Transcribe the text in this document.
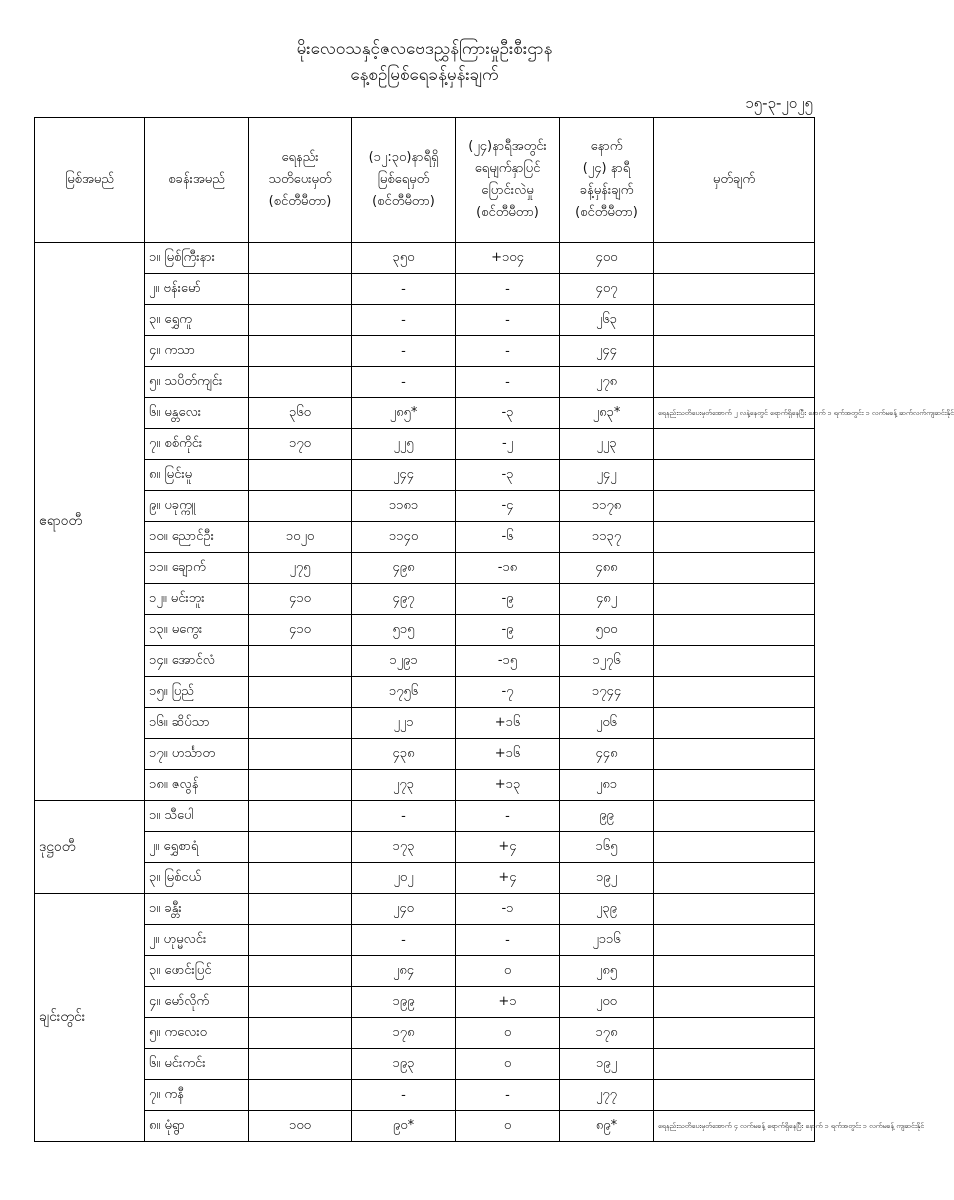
မိုးလေဝသနှင့်ဇလဗေဒညွှန်ကြားမှုဦးစီးဌာန
နေ့စဉ်မြစ်ရေခန့်မှန်းချက်
၁၅-၃-၂၀၂၅
မြစ်အမည်	စခန်းအမည်	ရေနည်း
သတိပေးမှတ်
(စင်တီမီတာ)	(၁၂:၃၀)နာရီရှိ
မြစ်ရေမှတ်
(စင်တီမီတာ)	(၂၄)နာရီအတွင်း
ရေမျက်နှာပြင်
ပြောင်းလဲမှု
(စင်တီမီတာ)	နောက်
(၂၄) နာရီ
ခန့်မှန်းချက်
(စင်တီမီတာ)	မှတ်ချက်
ဧရာဝတီ	၁။ မြစ်ကြီးနား		၃၅၀	+၁၀၄	၄၀၀	
	၂။ ဗန်းမော်		-	-	၄၀၇	
	၃။ ရွှေကူ		-	-	၂၆၃	
	၄။ ကသာ		-	-	၂၄၄	
	၅။ သပိတ်ကျင်း		-	-	၂၇၈	
	၆။ မန္တလေး	၃၆၀	၂၈၅*	-၃	၂၈၃*	ရေနည်းသတိပေးမှတ်အောက် ၂ လနဲ့နေတွင် ရောက်ရှိနေပြီး နောက် ၁ ရက်အတွင်း ၁ လက်မခန့် ဆက်လက်ကျဆင်းနိုင်
	၇။ စစ်ကိုင်း	၁၇၀	၂၂၅	-၂	၂၂၃	
	၈။ မြင်းမူ		၂၄၄	-၃	၂၄၂	
	၉။ ပခုက္ကူ		၁၁၈၁	-၄	၁၁၇၈	
	၁၀။ ညောင်ဦး	၁၀၂၀	၁၁၄၀	-၆	၁၁၃၇	
	၁၁။ ချောက်	၂၇၅	၄၉၈	-၁၈	၄၈၈	
	၁၂။ မင်းဘူး	၄၁၀	၄၉၇	-၉	၄၈၂	
	၁၃။ မကွေး	၄၁၀	၅၁၅	-၉	၅၀၀	
	၁၄။ အောင်လံ		၁၂၉၁	-၁၅	၁၂၇၆	
	၁၅။ ပြည်		၁၇၅၆	-၇	၁၇၄၄	
	၁၆။ ဆိပ်သာ		၂၂၁	+၁၆	၂၀၆	
	၁၇။ ဟင်္သာတ		၄၃၈	+၁၆	၄၄၈	
	၁၈။ ဇလွန်		၂၇၃	+၁၃	၂၈၁	
ဒုဋ္ဌဝတီ	၁။ သီပေါ		-	-	၉၉	
	၂။ ရွှေစာရံ		၁၇၃	+၄	၁၆၅	
	၃။ မြစ်ငယ်		၂၀၂	+၄	၁၉၂	
ချင်းတွင်း	၁။ ခန္တီး		၂၄၀	-၁	၂၃၉	
	၂။ ဟုမ္မလင်း		-	-	၂၁၁၆	
	၃။ ဖောင်းပြင်		၂၈၄	၀	၂၈၅	
	၄။ မော်လိုက်		၁၉၉	+၁	၂၀၀	
	၅။ ကလေးဝ		၁၇၈	၀	၁၇၈	
	၆။ မင်းကင်း		၁၉၃	၀	၁၉၂	
	၇။ ကနီ		-	-	၂၇၇	
	၈။ မုံရွာ	၁၀၀	၉၀*	၀	၈၉*	ရေနည်းသတိပေးမှတ်အောက် ၄ လက်မခန့် ရောက်ရှိနေပြီး နောက် ၁ ရက်အတွင်း ၁ လက်မခန့် ကျဆင်းနိုင်
